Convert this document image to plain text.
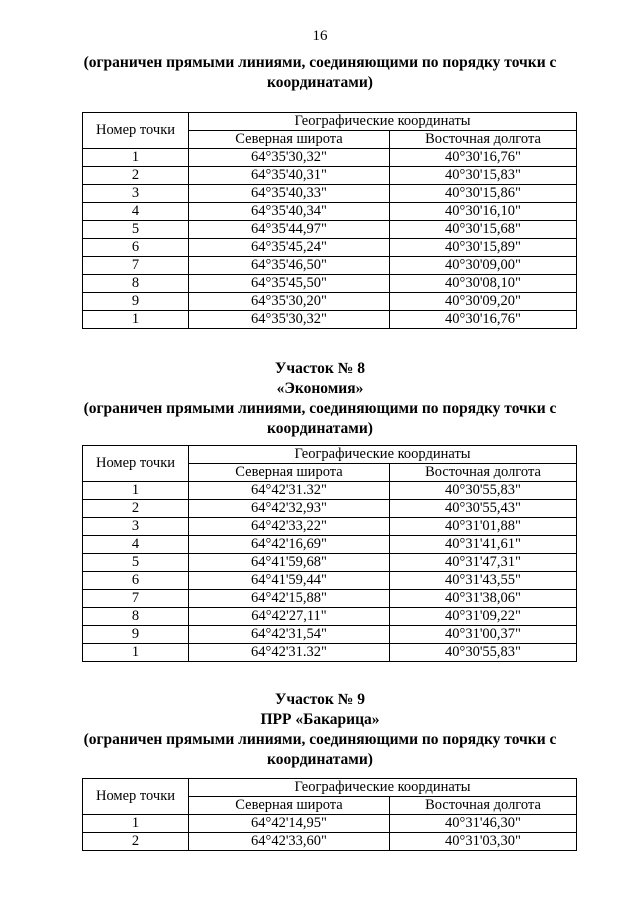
16
(ограничен прямыми линиями, соединяющими по порядку точки с
координатами)
Номер точки	Географические координаты	
	Северная широта	Восточная долгота
1	64°35'30,32"	40°30'16,76"
2	64°35'40,31"	40°30'15,83"
3	64°35'40,33"	40°30'15,86"
4	64°35'40,34"	40°30'16,10"
5	64°35'44,97"	40°30'15,68"
6	64°35'45,24"	40°30'15,89"
7	64°35'46,50"	40°30'09,00"
8	64°35'45,50"	40°30'08,10"
9	64°35'30,20"	40°30'09,20"
1	64°35'30,32"	40°30'16,76"
Участок № 8
«Экономия»
(ограничен прямыми линиями, соединяющими по порядку точки с
координатами)
Номер точки	Географические координаты	
	Северная широта	Восточная долгота
1	64°42'31.32"	40°30'55,83"
2	64°42'32,93"	40°30'55,43"
3	64°42'33,22"	40°31'01,88"
4	64°42'16,69"	40°31'41,61"
5	64°41'59,68"	40°31'47,31"
6	64°41'59,44"	40°31'43,55"
7	64°42'15,88"	40°31'38,06"
8	64°42'27,11"	40°31'09,22"
9	64°42'31,54"	40°31'00,37"
1	64°42'31.32"	40°30'55,83"
Участок № 9
ПРР «Бакарица»
(ограничен прямыми линиями, соединяющими по порядку точки с
координатами)
Номер точки	Географические координаты	
	Северная широта	Восточная долгота
1	64°42'14,95"	40°31'46,30"
2	64°42'33,60"	40°31'03,30"
